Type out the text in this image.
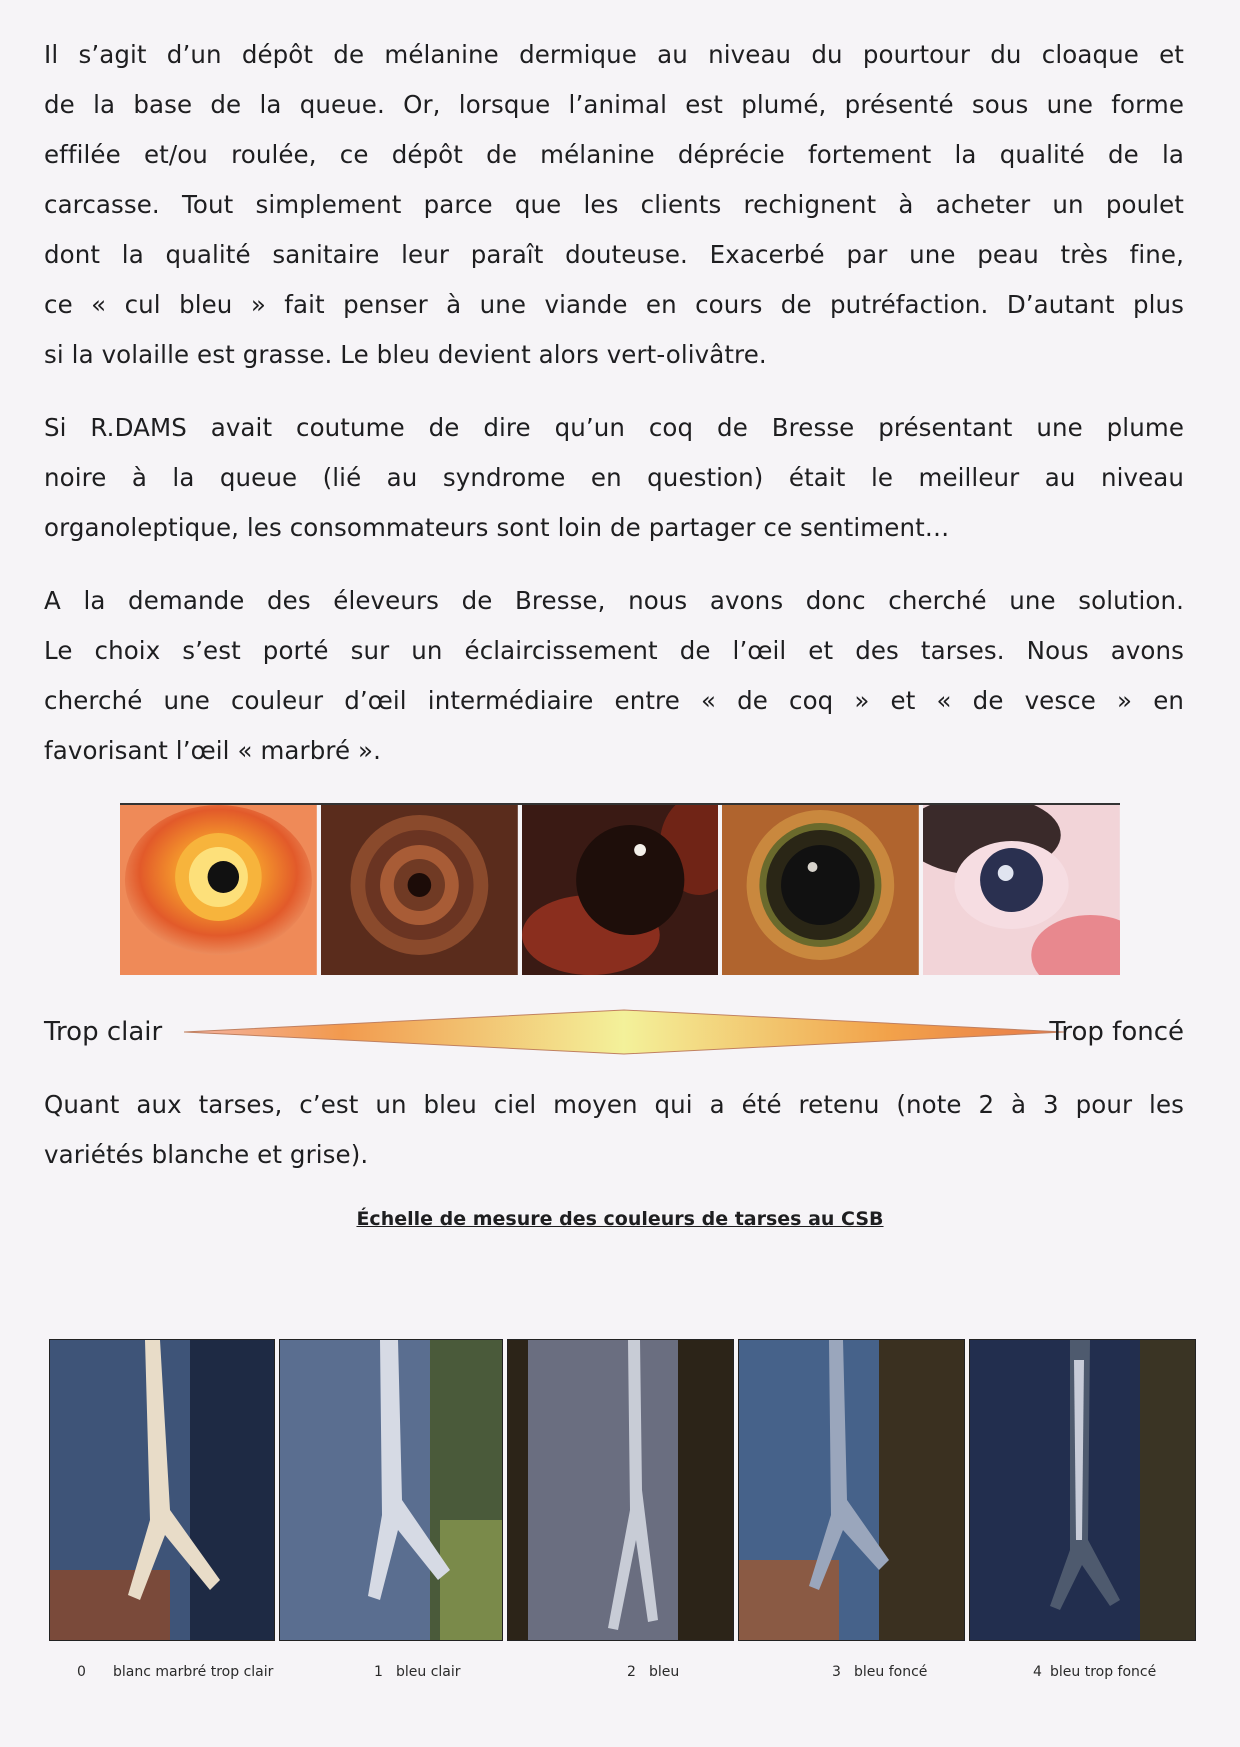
Il s’agit d’un dépôt de mélanine dermique au niveau du pourtour du cloaque et
de la base de la queue. Or, lorsque l’animal est plumé, présenté sous une forme
effilée et/ou roulée, ce dépôt de mélanine déprécie fortement la qualité de la
carcasse. Tout simplement parce que les clients rechignent à acheter un poulet
dont la qualité sanitaire leur paraît douteuse. Exacerbé par une peau très fine,
ce « cul bleu » fait penser à une viande en cours de putréfaction. D’autant plus
si la volaille est grasse. Le bleu devient alors vert-olivâtre.
Si R.DAMS avait coutume de dire qu’un coq de Bresse présentant une plume
noire à la queue (lié au syndrome en question) était le meilleur au niveau
organoleptique, les consommateurs sont loin de partager ce sentiment…
A la demande des éleveurs de Bresse, nous avons donc cherché une solution.
Le choix s’est porté sur un éclaircissement de l’œil et des tarses. Nous avons
cherché une couleur d’œil intermédiaire entre « de coq » et « de vesce » en
favorisant l’œil « marbré ».
Trop clair	Trop foncé
Quant aux tarses, c’est un bleu ciel moyen qui a été retenu (note 2 à 3 pour les
variétés blanche et grise).
Échelle de mesure des couleurs de tarses au CSB
0 blanc marbré trop clair	1 bleu clair	2 bleu	3 bleu foncé	4 bleu trop foncé
